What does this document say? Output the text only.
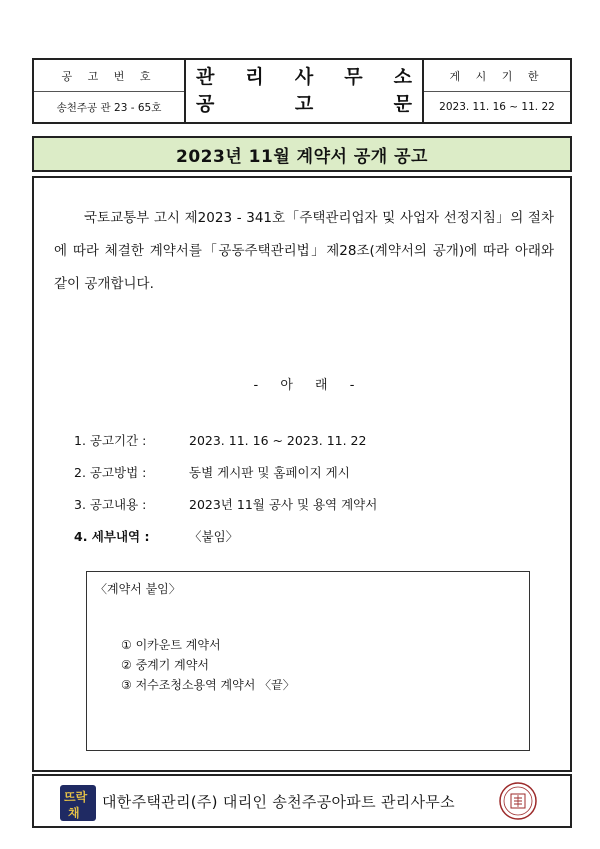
공 고 번 호
송천주공 관 23 - 65호
관 리 사 무 소
공	고	문
게 시 기 한
2023. 11. 16 ~ 11. 22
2023년 11월 계약서 공개 공고
국토교통부 고시 제2023 - 341호「주택관리업자 및 사업자 선정지침」의 절차에 따라 체결한 계약서를「공동주택관리법」제28조(계약서의 공개)에 따라 아래와 같이 공개합니다.
- 아 래 -
1. 공고기간 :	2023. 11. 16 ~ 2023. 11. 22
2. 공고방법 :	동별 게시판 및 홈페이지 게시
3. 공고내용 :	2023년 11월 공사 및 용역 계약서
4. 세부내역 :	〈붙임〉
〈계약서 붙임〉
① 이카운트 계약서
② 중계기 계약서
③ 저수조청소용역 계약서 〈끝〉
뜨락
채
대한주택관리(주) 대리인 송천주공아파트 관리사무소
